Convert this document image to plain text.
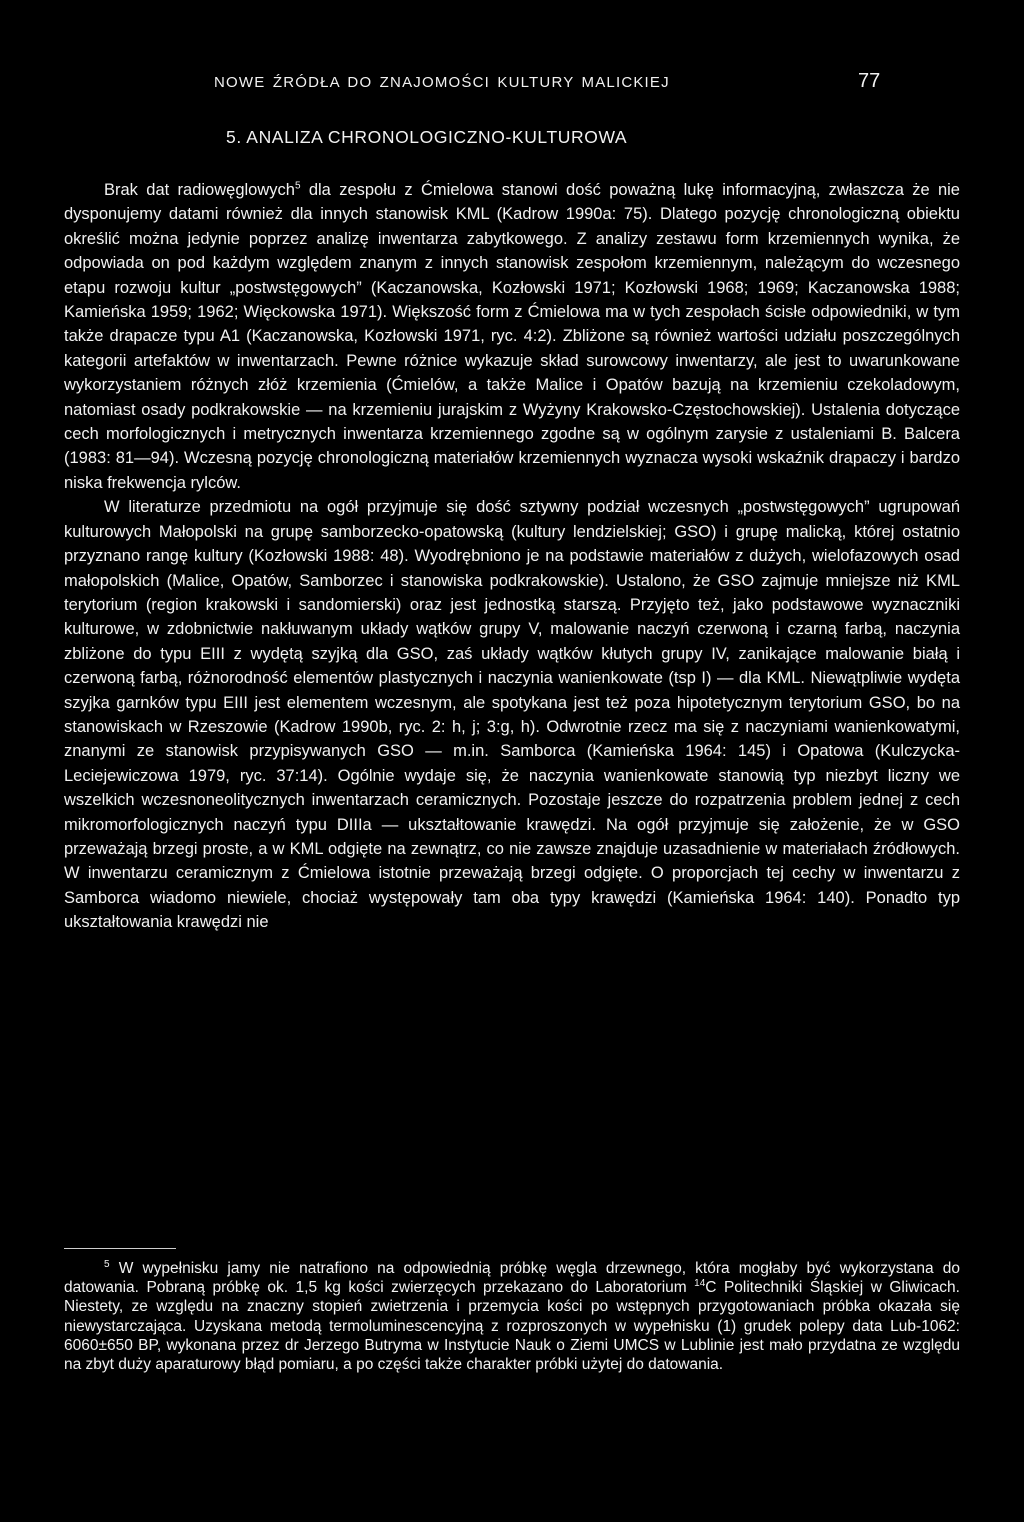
NOWE ŹRÓDŁA DO ZNAJOMOŚCI KULTURY MALICKIEJ	77
5. ANALIZA CHRONOLOGICZNO-KULTUROWA

Brak dat radiowęglowych$^5$ dla zespołu z Ćmielowa stanowi dość poważną lukę informacyjną, zwłaszcza że nie dysponujemy datami również dla innych stanowisk KML (Kadrow 1990a: 75). Dlatego pozycję chronologiczną obiektu określić można jedynie poprzez analizę inwentarza zabytkowego. Z analizy zestawu form krzemiennych wynika, że odpowiada on pod każdym względem znanym z innych stanowisk zespołom krzemiennym, należącym do wczesnego etapu rozwoju kultur „postwstęgowych” (Kaczanowska, Kozłowski 1971; Kozłowski 1968; 1969; Kaczanowska 1988; Kamieńska 1959; 1962; Więckowska 1971). Większość form z Ćmielowa ma w tych zespołach ścisłe odpowiedniki, w tym także drapacze typu A1 (Kaczanowska, Kozłowski 1971, ryc. 4:2). Zbliżone są również wartości udziału poszczególnych kategorii artefaktów w inwentarzach. Pewne różnice wykazuje skład surowcowy inwentarzy, ale jest to uwarunkowane wykorzystaniem różnych złóż krzemienia (Ćmielów, a także Malice i Opatów bazują na krzemieniu czekoladowym, natomiast osady podkrakowskie — na krzemieniu jurajskim z Wyżyny Krakowsko-Częstochowskiej). Ustalenia dotyczące cech morfologicznych i metrycznych inwentarza krzemiennego zgodne są w ogólnym zarysie z ustaleniami B. Balcera (1983: 81—94). Wczesną pozycję chronologiczną materiałów krzemiennych wyznacza wysoki wskaźnik drapaczy i bardzo niska frekwencja rylców.

W literaturze przedmiotu na ogół przyjmuje się dość sztywny podział wczesnych „postwstęgowych” ugrupowań kulturowych Małopolski na grupę samborzecko-opatowską (kultury lendzielskiej; GSO) i grupę malicką, której ostatnio przyznano rangę kultury (Kozłowski 1988: 48). Wyodrębniono je na podstawie materiałów z dużych, wielofazowych osad małopolskich (Malice, Opatów, Samborzec i stanowiska podkrakowskie). Ustalono, że GSO zajmuje mniejsze niż KML terytorium (region krakowski i sandomierski) oraz jest jednostką starszą. Przyjęto też, jako podstawowe wyznaczniki kulturowe, w zdobnictwie nakłuwanym układy wątków grupy V, malowanie naczyń czerwoną i czarną farbą, naczynia zbliżone do typu EIII z wydętą szyjką dla GSO, zaś układy wątków kłutych grupy IV, zanikające malowanie białą i czerwoną farbą, różnorodność elementów plastycznych i naczynia wanienkowate (tsp I) — dla KML. Niewątpliwie wydęta szyjka garnków typu EIII jest elementem wczesnym, ale spotykana jest też poza hipotetycznym terytorium GSO, bo na stanowiskach w Rzeszowie (Kadrow 1990b, ryc. 2: h, j; 3:g, h). Odwrotnie rzecz ma się z naczyniami wanienkowatymi, znanymi ze stanowisk przypisywanych GSO — m.in. Samborca (Kamieńska 1964: 145) i Opatowa (Kulczycka-Leciejewiczowa 1979, ryc. 37:14). Ogólnie wydaje się, że naczynia wanienkowate stanowią typ niezbyt liczny we wszelkich wczesnoneolitycznych inwentarzach ceramicznych. Pozostaje jeszcze do rozpatrzenia problem jednej z cech mikromorfologicznych naczyń typu DIIIa — ukształtowanie krawędzi. Na ogół przyjmuje się założenie, że w GSO przeważają brzegi proste, a w KML odgięte na zewnątrz, co nie zawsze znajduje uzasadnienie w materiałach źródłowych. W inwentarzu ceramicznym z Ćmielowa istotnie przeważają brzegi odgięte. O proporcjach tej cechy w inwentarzu z Samborca wiadomo niewiele, chociaż występowały tam oba typy krawędzi (Kamieńska 1964: 140). Ponadto typ ukształtowania krawędzi nie

$^5$ W wypełnisku jamy nie natrafiono na odpowiednią próbkę węgla drzewnego, która mogłaby być wykorzystana do datowania. Pobraną próbkę ok. 1,5 kg kości zwierzęcych przekazano do Laboratorium $^{14}$C Politechniki Śląskiej w Gliwicach. Niestety, ze względu na znaczny stopień zwietrzenia i przemycia kości po wstępnych przygotowaniach próbka okazała się niewystarczająca. Uzyskana metodą termoluminescencyjną z rozproszonych w wypełnisku (1) grudek polepy data Lub-1062: 6060±650 BP, wykonana przez dr Jerzego Butryma w Instytucie Nauk o Ziemi UMCS w Lublinie jest mało przydatna ze względu na zbyt duży aparaturowy błąd pomiaru, a po części także charakter próbki użytej do datowania.
